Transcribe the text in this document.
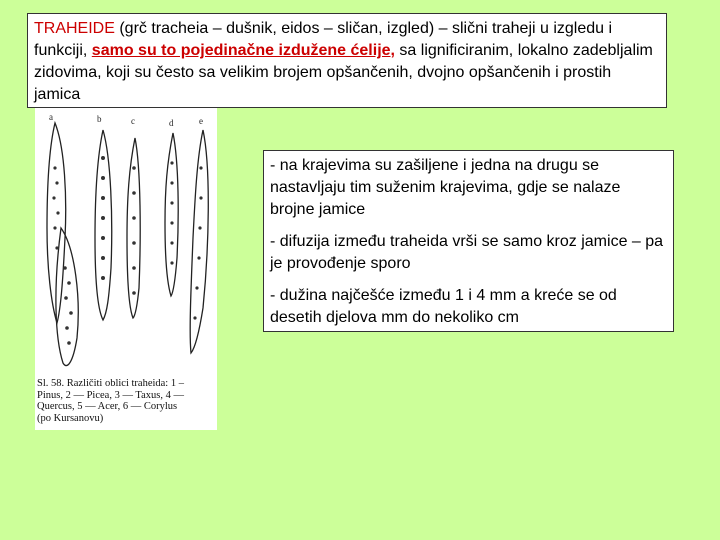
TRAHEIDE (grč tracheia – dušnik, eidos – sličan, izgled) – slični traheji u izgledu i funkciji, samo su to pojedinačne izdužene ćelije, sa lignificiranim, lokalno zadebljalim zidovima, koji su često sa velikim brojem opšančenih, dvojno opšančenih i prostih jamica
a	b	c	d	e
Sl. 58. Različiti oblici traheida: 1 –
Pinus, 2 — Picea, 3 — Taxus, 4 —
Quercus, 5 — Acer, 6 — Corylus
(po Kursanovu)

- na krajevima su zašiljene i jedna na drugu se nastavljaju tim suženim krajevima, gdje se nalaze brojne jamice

- difuzija između traheida vrši se samo kroz jamice – pa je provođenje sporo

- dužina najčešće između 1 i 4 mm a kreće se od desetih djelova mm do nekoliko cm
